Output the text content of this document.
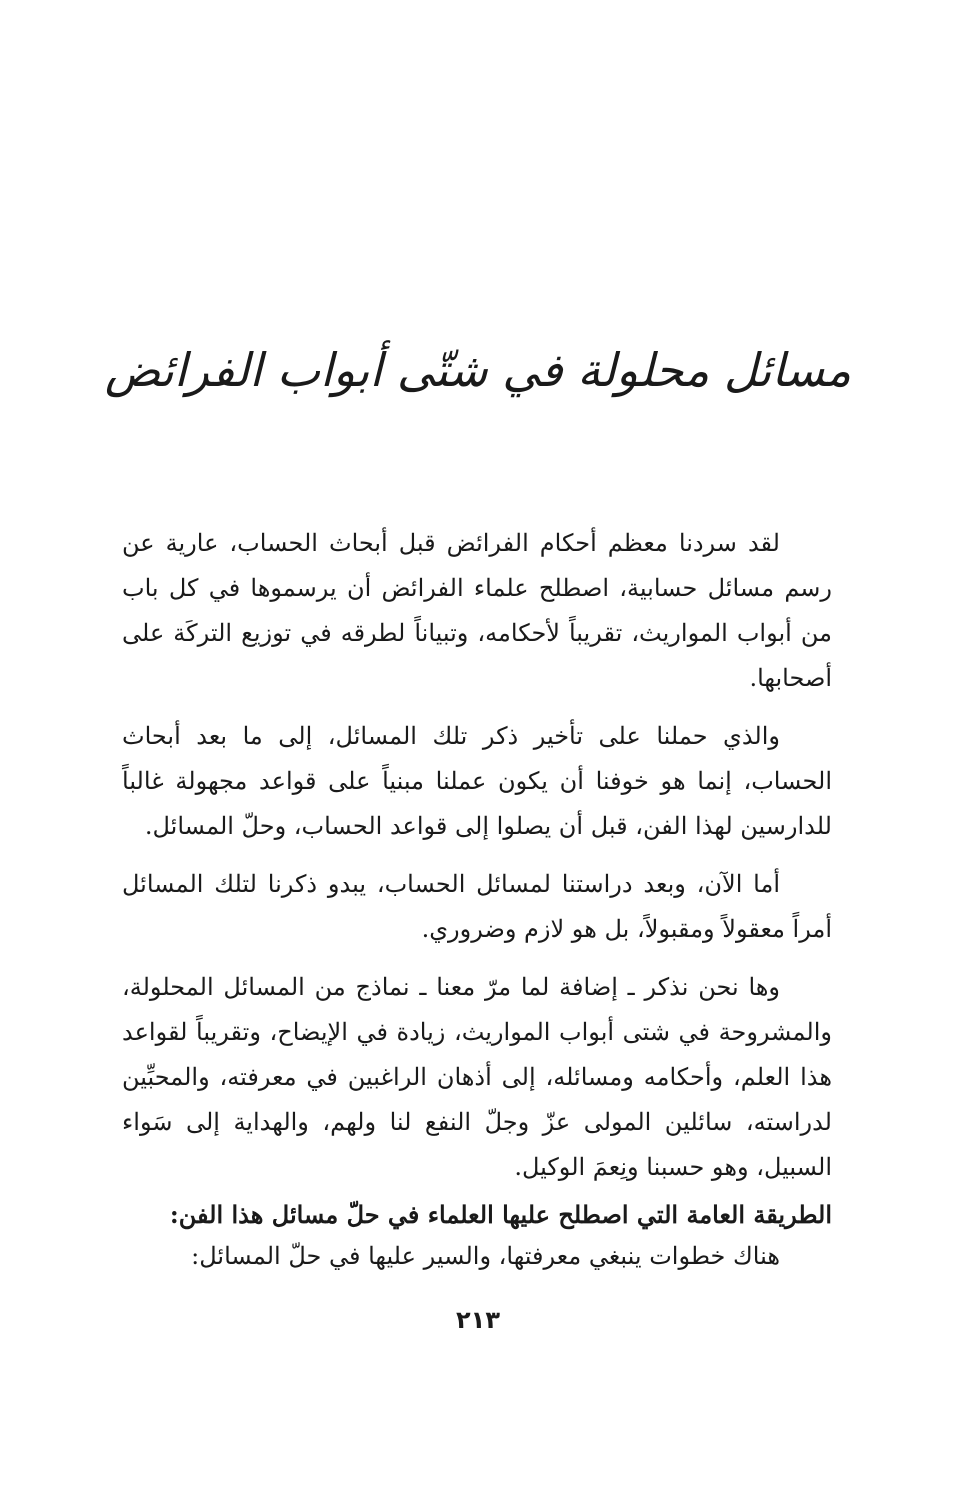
مسائل محلولة في شتّى أبواب الفرائض

لقد سردنا معظم أحكام الفرائض قبل أبحاث الحساب، عارية عن رسم مسائل حسابية، اصطلح علماء الفرائض أن يرسموها في كل باب من أبواب المواريث، تقريباً لأحكامه، وتبياناً لطرقه في توزيع التركَة على أصحابها.

والذي حملنا على تأخير ذكر تلك المسائل، إلى ما بعد أبحاث الحساب، إنما هو خوفنا أن يكون عملنا مبنياً على قواعد مجهولة غالباً للدارسين لهذا الفن، قبل أن يصلوا إلى قواعد الحساب، وحلّ المسائل.

أما الآن، وبعد دراستنا لمسائل الحساب، يبدو ذكرنا لتلك المسائل أمراً معقولاً ومقبولاً، بل هو لازم وضروري.

وها نحن نذكر ـ إضافة لما مرّ معنا ـ نماذج من المسائل المحلولة، والمشروحة في شتى أبواب المواريث، زيادة في الإيضاح، وتقريباً لقواعد هذا العلم، وأحكامه ومسائله، إلى أذهان الراغبين في معرفته، والمحبِّين لدراسته، سائلين المولى عزّ وجلّ النفع لنا ولهم، والهداية إلى سَواء السبيل، وهو حسبنا ونِعمَ الوكيل.

الطريقة العامة التي اصطلح عليها العلماء في حلّ مسائل هذا الفن:

هناك خطوات ينبغي معرفتها، والسير عليها في حلّ المسائل:

٢١٣
